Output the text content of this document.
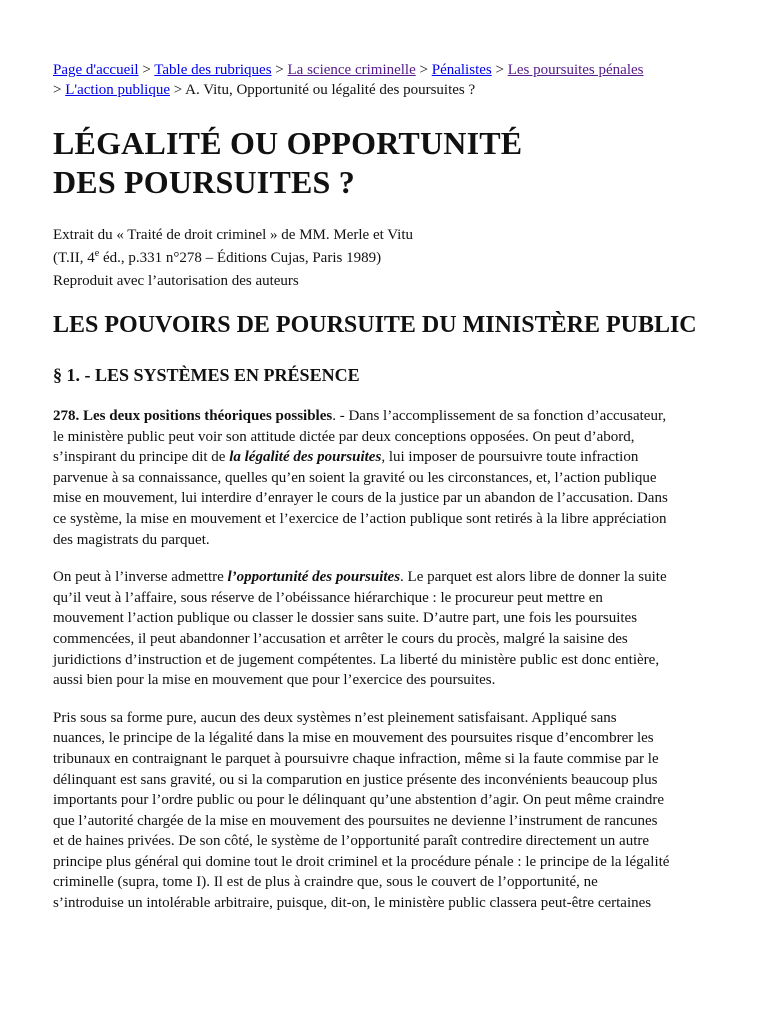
Page d'accueil > Table des rubriques > La science criminelle > Pénalistes > Les poursuites pénales > L'action publique > A. Vitu, Opportunité ou légalité des poursuites ?

LÉGALITÉ OU OPPORTUNITÉ
DES POURSUITES ?
Extrait du « Traité de droit criminel » de MM. Merle et Vitu
(T.II, 4e éd., p.331 n°278 – Éditions Cujas, Paris 1989)
Reproduit avec l’autorisation des auteurs
LES POUVOIRS DE POURSUITE DU MINISTÈRE PUBLIC
§ 1. - LES SYSTÈMES EN PRÉSENCE

278. Les deux positions théoriques possibles. - Dans l’accomplissement de sa fonction d’accusateur,
le ministère public peut voir son attitude dictée par deux conceptions opposées. On peut d’abord,
s’inspirant du principe dit de la légalité des poursuites, lui imposer de poursuivre toute infraction
parvenue à sa connaissance, quelles qu’en soient la gravité ou les circonstances, et, l’action publique
mise en mouvement, lui interdire d’enrayer le cours de la justice par un abandon de l’accusation. Dans
ce système, la mise en mouvement et l’exercice de l’action publique sont retirés à la libre appréciation
des magistrats du parquet.

On peut à l’inverse admettre l’opportunité des poursuites. Le parquet est alors libre de donner la suite
qu’il veut à l’affaire, sous réserve de l’obéissance hiérarchique : le procureur peut mettre en
mouvement l’action publique ou classer le dossier sans suite. D’autre part, une fois les poursuites
commencées, il peut abandonner l’accusation et arrêter le cours du procès, malgré la saisine des
juridictions d’instruction et de jugement compétentes. La liberté du ministère public est donc entière,
aussi bien pour la mise en mouvement que pour l’exercice des poursuites.

Pris sous sa forme pure, aucun des deux systèmes n’est pleinement satisfaisant. Appliqué sans
nuances, le principe de la légalité dans la mise en mouvement des poursuites risque d’encombrer les
tribunaux en contraignant le parquet à poursuivre chaque infraction, même si la faute commise par le
délinquant est sans gravité, ou si la comparution en justice présente des inconvénients beaucoup plus
importants pour l’ordre public ou pour le délinquant qu’une abstention d’agir. On peut même craindre
que l’autorité chargée de la mise en mouvement des poursuites ne devienne l’instrument de rancunes
et de haines privées. De son côté, le système de l’opportunité paraît contredire directement un autre
principe plus général qui domine tout le droit criminel et la procédure pénale : le principe de la légalité
criminelle (supra, tome I). Il est de plus à craindre que, sous le couvert de l’opportunité, ne
s’introduise un intolérable arbitraire, puisque, dit-on, le ministère public classera peut-être certaines
